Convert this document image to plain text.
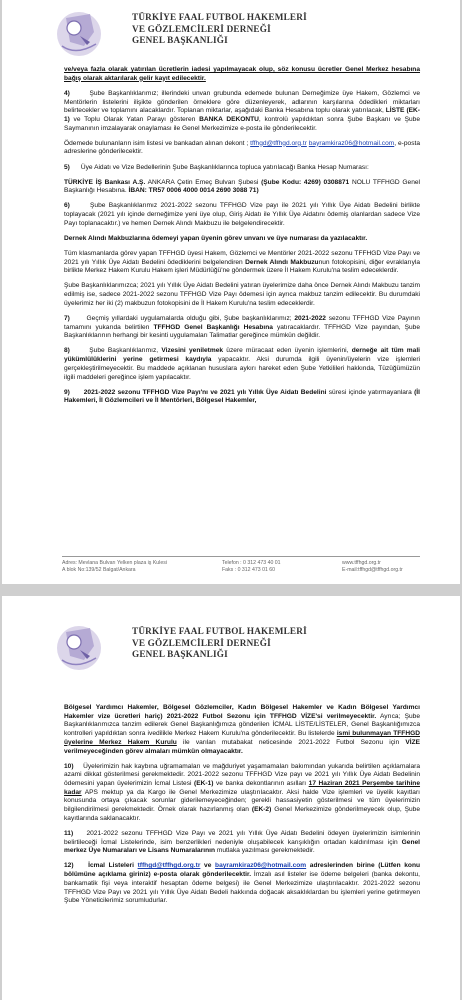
TÜRKİYE FAAL FUTBOL HAKEMLERİ
VE GÖZLEMCİLERİ DERNEĞİ
GENEL BAŞKANLIĞI

ve/veya fazla olarak yatırılan ücretlerin iadesi yapılmayacak olup, söz konusu ücretler Genel Merkez hesabına bağış olarak aktarılarak gelir kayıt edilecektir.

4)	Şube Başkanlıklarımız; illerindeki unvan grubunda edemede bulunan Derneğimize üye Hakem, Gözlemci ve Mentörlerin listelerini ilişikte gönderilen örneklere göre düzenleyerek, adlarının karşılarına ödedikleri miktarları belirtecekler ve toplamını alacaklardır. Toplanan miktarlar, aşağıdaki Banka Hesabına toplu olarak yatırılacak, LİSTE (EK-1) ve Toplu Olarak Yatan Parayı gösteren BANKA DEKONTU, kontrolü yapıldıktan sonra Şube Başkanı ve Şube Saymanının imzalayarak onaylaması ile Genel Merkezimize e-posta ile gönderilecektir.

Ödemede bulunanların isim listesi ve bankadan alınan dekont ; tffhgd@tffhgd.org.tr bayramkiraz06@hotmail.com, e-posta adreslerine gönderilecektir.

5) Üye Aidatı ve Vize Bedellerinin Şube Başkanlıklarınca topluca yatırılacağı Banka Hesap Numarası:

TÜRKİYE İŞ Bankası A.Ş. ANKARA Çetin Emeç Bulvarı Şubesi (Şube Kodu: 4269) 0308871 NOLU TFFHGD Genel Başkanlığı Hesabına. İBAN: TR57 0006 4000 0014 2690 3088 71)

6)	Şube Başkanlıklarımız 2021-2022 sezonu TFFHGD Vize payı ile 2021 yılı Yıllık Üye Aidatı Bedelini birlikte toplayacak (2021 yılı içinde derneğimize yeni üye olup, Giriş Aidatı ile Yıllık Üye Aidatını ödemiş olanlardan sadece Vize Payı toplanacaktır.) ve hemen Dernek Alındı Makbuzu ile belgelendirecektir.

Dernek Alındı Makbuzlarına ödemeyi yapan üyenin görev unvanı ve üye numarası da yazılacaktır.

Tüm klasmanlarda görev yapan TFFHGD üyesi Hakem, Gözlemci ve Mentörler 2021-2022 sezonu TFFHGD Vize Payı ve 2021 yılı Yıllık Üye Aidatı Bedelini ödediklerini belgelendiren Dernek Alındı Makbuzunun fotokopisini, diğer evraklarıyla birlikte Merkez Hakem Kurulu Hakem işleri Müdürlüğü'ne göndermek üzere İl Hakem Kurulu'na teslim edeceklerdir.

Şube Başkanlıklarımızca; 2021 yılı Yıllık Üye Aidatı Bedelini yatıran üyelerimize daha önce Dernek Alındı Makbuzu tanzim edilmiş ise, sadece 2021-2022 sezonu TFFHGD Vize Payı ödemesi için ayrıca makbuz tanzim edilecektir. Bu durumdaki üyelerimiz her iki (2) makbuzun fotokopisini de İl Hakem Kurulu'na teslim edeceklerdir.

7)	Geçmiş yıllardaki uygulamalarda olduğu gibi, Şube başkanlıklarımız; 2021-2022 sezonu TFFHGD Vize Payının tamamını yukarıda belirtilen TFFHGD Genel Başkanlığı Hesabına yatıracaklardır. TFFHGD Vize payından, Şube Başkanlıklarının herhangi bir kesinti uygulamaları Talimatlar gereğince mümkün değildir.

8)	Şube Başkanlıklarımız, Vizesini yeniletmek üzere müracaat eden üyenin işlemlerini, derneğe ait tüm mali yükümlülüklerini yerine getirmesi kaydıyla yapacaktır. Aksi durumda ilgili üyenin/üyelerin vize işlemleri gerçekleştirilmeyecektir. Bu maddede açıklanan hususlara aykırı hareket eden Şube Yetkilileri hakkında, Tüzüğümüzün ilgili maddeleri gereğince işlem yapılacaktır.

9) 2021-2022 sezonu TFFHGD Vize Payı'nı ve 2021 yılı Yıllık Üye Aidatı Bedelini süresi içinde yatırmayanlara (İl Hakemleri, İl Gözlemcileri ve İl Mentörleri, Bölgesel Hakemler,

Adres: Mevlana Bulvarı Yelken plaza iş Kulesi
A blok No:139/52 Balgat/Ankara
Telefon : 0 312 473 40 01
Faks : 0 312 473 01 60
www.tffhgd.org.tr
E-mail:tffhgd@tffhgd.org.tr
TÜRKİYE FAAL FUTBOL HAKEMLERİ
VE GÖZLEMCİLERİ DERNEĞİ
GENEL BAŞKANLIĞI

Bölgesel Yardımcı Hakemler, Bölgesel Gözlemciler, Kadın Bölgesel Hakemler ve Kadın Bölgesel Yardımcı Hakemler vize ücretleri hariç) 2021-2022 Futbol Sezonu için TFFHGD VİZE'si verilmeyecektir. Ayrıca; Şube Başkanlıklarımızca tanzim edilerek Genel Başkanlığımıza gönderilen İCMAL LİSTE/LİSTELER, Genel Başkanlığımızca kontrolleri yapıldıktan sonra ivedilikle Merkez Hakem Kurulu'na gönderilecektir. Bu listelerde ismi bulunmayan TFFHGD üyelerine Merkez Hakem Kurulu ile varılan mutabakat neticesinde 2021-2022 Futbol Sezonu için VİZE verilmeyeceğinden görev almaları mümkün olmayacaktır.

10) Üyelerimizin hak kaybına uğramamaları ve mağduriyet yaşamamaları bakımından yukarıda belirtilen açıklamalara azami dikkat gösterilmesi gerekmektedir. 2021-2022 sezonu TFFHGD Vize payı ve 2021 yılı Yıllık Üye Aidatı Bedelinin ödemesini yapan üyelerimizin İcmal Listesi (EK-1) ve banka dekontlarının asılları 17 Haziran 2021 Perşembe tarihine kadar APS mektup ya da Kargo ile Genel Merkezimize ulaştırılacaktır. Aksi halde Vize işlemleri ve üyelik kayıtları konusunda ortaya çıkacak sorunlar giderilemeyeceğinden; gerekli hassasiyetin gösterilmesi ve tüm üyelerimizin bilgilendirilmesi gerekmektedir. Örnek olarak hazırlanmış olan (EK-2) Genel Merkezimize gönderilmeyecek olup, Şube kayıtlarında saklanacaktır.

11) 2021-2022 sezonu TFFHGD Vize Payı ve 2021 yılı Yıllık Üye Aidatı Bedelini ödeyen üyelerimizin isimlerinin belirtileceği İcmal Listelerinde, isim benzerlikleri nedeniyle oluşabilecek karışıklığın ortadan kaldırılması için Genel merkez Üye Numaraları ve Lisans Numaralarının mutlaka yazılması gerekmektedir.

12) İcmal Listeleri tffhgd@tffhgd.org.tr ve bayramkiraz06@hotmail.com adreslerinden birine (Lütfen konu bölümüne açıklama giriniz) e-posta olarak gönderilecektir. İmzalı asıl listeler ise ödeme belgeleri (banka dekontu, bankamatik fişi veya interaktif hesaptan ödeme belgesi) ile Genel Merkezimize ulaştırılacaktır. 2021-2022 sezonu TFFHGD Vize Payı ve 2021 yılı Yıllık Üye Aidatı Bedeli hakkında doğacak aksaklıklardan bu işlemleri yerine getirmeyen Şube Yöneticilerimiz sorumludurlar.
